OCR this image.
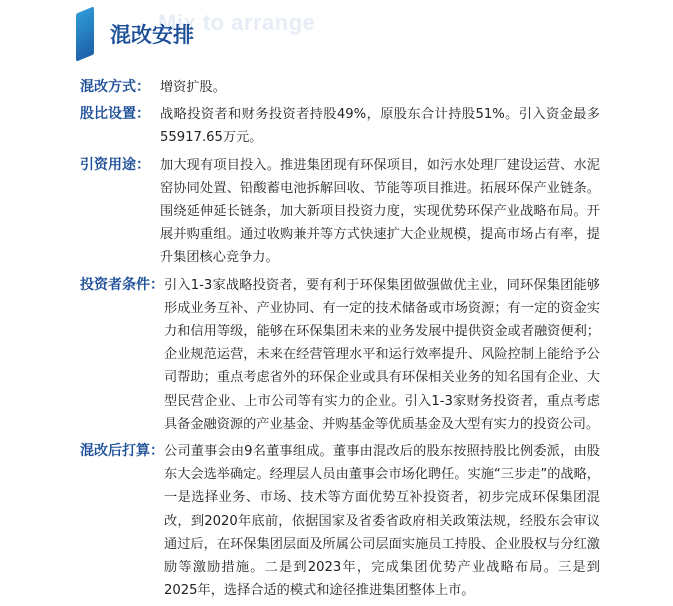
Mix to arrange
混改安排
混改方式： 增资扩股。
股比设置： 战略投资者和财务投资者持股49%，原股东合计持股51%。引入资金最多55917.65万元。
引资用途： 加大现有项目投入。推进集团现有环保项目，如污水处理厂建设运营、水泥窑协同处置、铅酸蓄电池拆解回收、节能等项目推进。拓展环保产业链条。围绕延伸延长链条，加大新项目投资力度，实现优势环保产业战略布局。开展并购重组。通过收购兼并等方式快速扩大企业规模，提高市场占有率，提升集团核心竞争力。
投资者条件： 引入1-3家战略投资者，要有利于环保集团做强做优主业，同环保集团能够形成业务互补、产业协同、有一定的技术储备或市场资源；有一定的资金实力和信用等级，能够在环保集团未来的业务发展中提供资金或者融资便利；企业规范运营，未来在经营管理水平和运行效率提升、风险控制上能给予公司帮助；重点考虑省外的环保企业或具有环保相关业务的知名国有企业、大型民营企业、上市公司等有实力的企业。引入1-3家财务投资者，重点考虑具备金融资源的产业基金、并购基金等优质基金及大型有实力的投资公司。
混改后打算： 公司董事会由9名董事组成。董事由混改后的股东按照持股比例委派，由股东大会选举确定。经理层人员由董事会市场化聘任。实施“三步走”的战略，一是选择业务、市场、技术等方面优势互补投资者，初步完成环保集团混改，到2020年底前，依据国家及省委省政府相关政策法规，经股东会审议通过后，在环保集团层面及所属公司层面实施员工持股、企业股权与分红激励等激励措施。二是到2023年，完成集团优势产业战略布局。三是到2025年，选择合适的模式和途径推进集团整体上市。
